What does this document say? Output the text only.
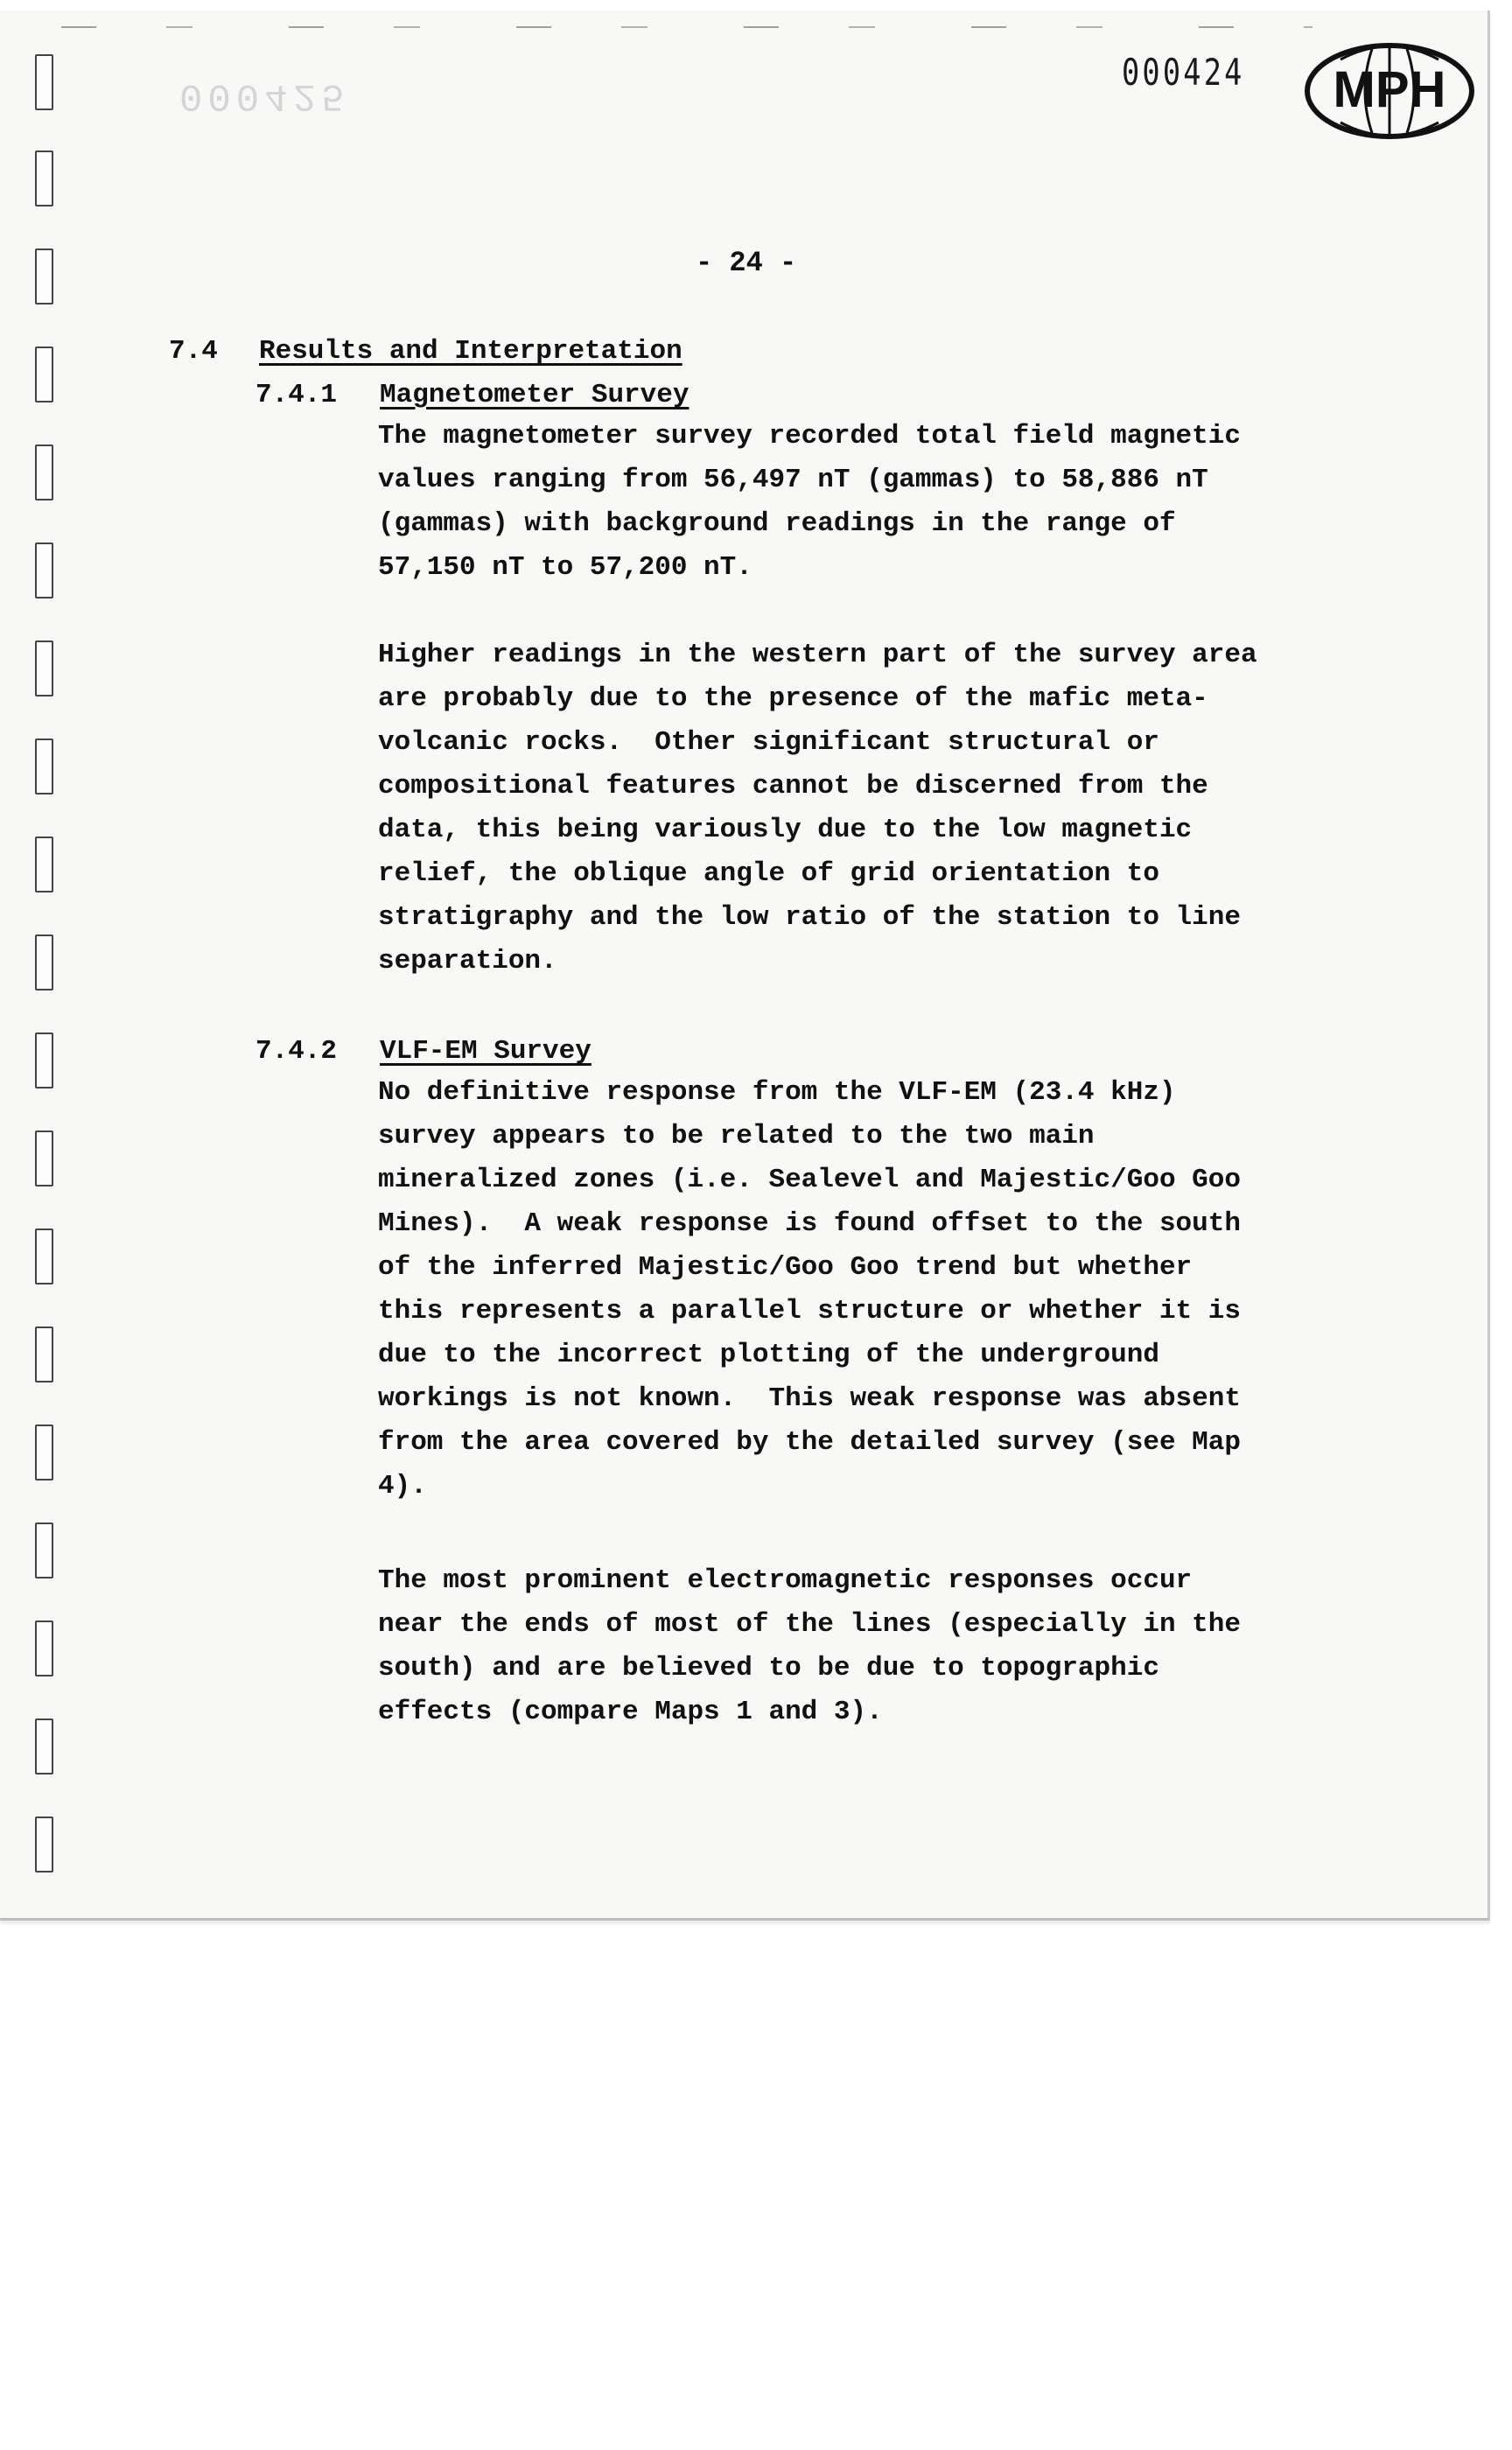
000425
000424 MPH
- 24 -
7.4 Results and Interpretation
7.4.1 Magnetometer Survey

The magnetometer survey recorded total field magnetic
values ranging from 56,497 nT (gammas) to 58,886 nT
(gammas) with background readings in the range of
57,150 nT to 57,200 nT.

Higher readings in the western part of the survey area
are probably due to the presence of the mafic meta-
volcanic rocks.  Other significant structural or
compositional features cannot be discerned from the
data, this being variously due to the low magnetic
relief, the oblique angle of grid orientation to
stratigraphy and the low ratio of the station to line
separation.

7.4.2 VLF-EM Survey

No definitive response from the VLF-EM (23.4 kHz)
survey appears to be related to the two main
mineralized zones (i.e. Sealevel and Majestic/Goo Goo
Mines).  A weak response is found offset to the south
of the inferred Majestic/Goo Goo trend but whether
this represents a parallel structure or whether it is
due to the incorrect plotting of the underground
workings is not known.  This weak response was absent
from the area covered by the detailed survey (see Map
4).

The most prominent electromagnetic responses occur
near the ends of most of the lines (especially in the
south) and are believed to be due to topographic
effects (compare Maps 1 and 3).
